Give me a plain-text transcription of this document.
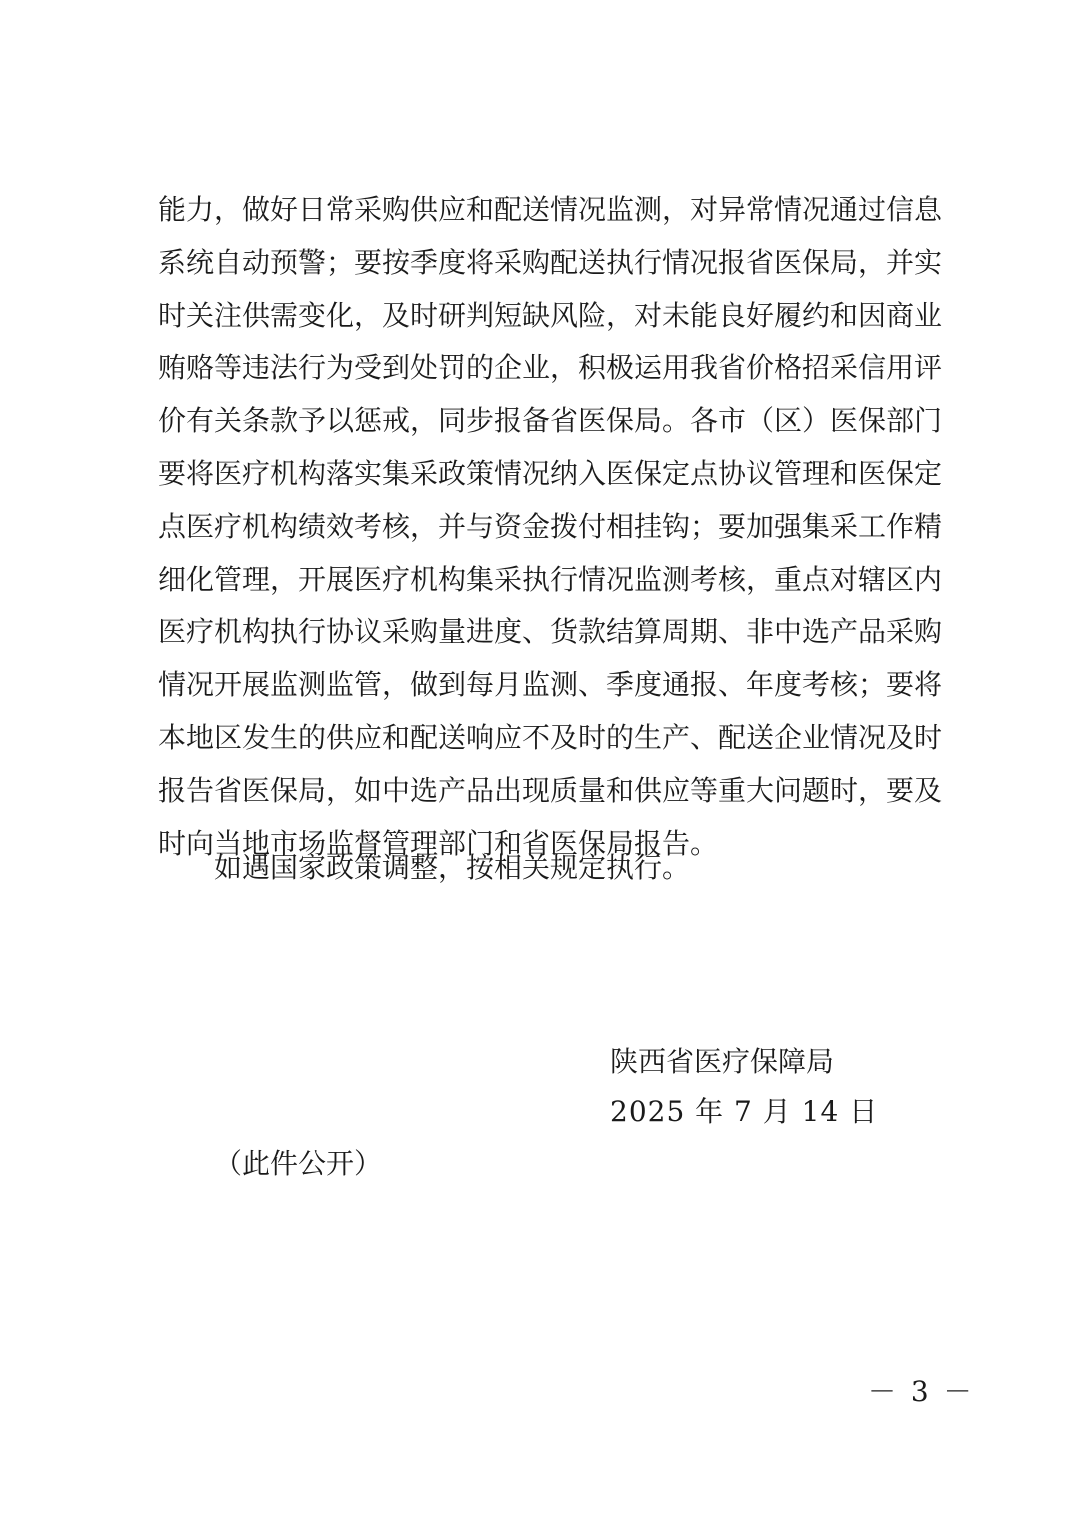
能力，做好日常采购供应和配送情况监测，对异常情况通过信息
系统自动预警；要按季度将采购配送执行情况报省医保局，并实
时关注供需变化，及时研判短缺风险，对未能良好履约和因商业
贿赂等违法行为受到处罚的企业，积极运用我省价格招采信用评
价有关条款予以惩戒，同步报备省医保局。各市（区）医保部门
要将医疗机构落实集采政策情况纳入医保定点协议管理和医保定
点医疗机构绩效考核，并与资金拨付相挂钩；要加强集采工作精
细化管理，开展医疗机构集采执行情况监测考核，重点对辖区内
医疗机构执行协议采购量进度、货款结算周期、非中选产品采购
情况开展监测监管，做到每月监测、季度通报、年度考核；要将
本地区发生的供应和配送响应不及时的生产、配送企业情况及时
报告省医保局，如中选产品出现质量和供应等重大问题时，要及
时向当地市场监督管理部门和省医保局报告。

如遇国家政策调整，按相关规定执行。

陕西省医疗保障局

2025 年 7 月 14 日

（此件公开）

－ 3 －
